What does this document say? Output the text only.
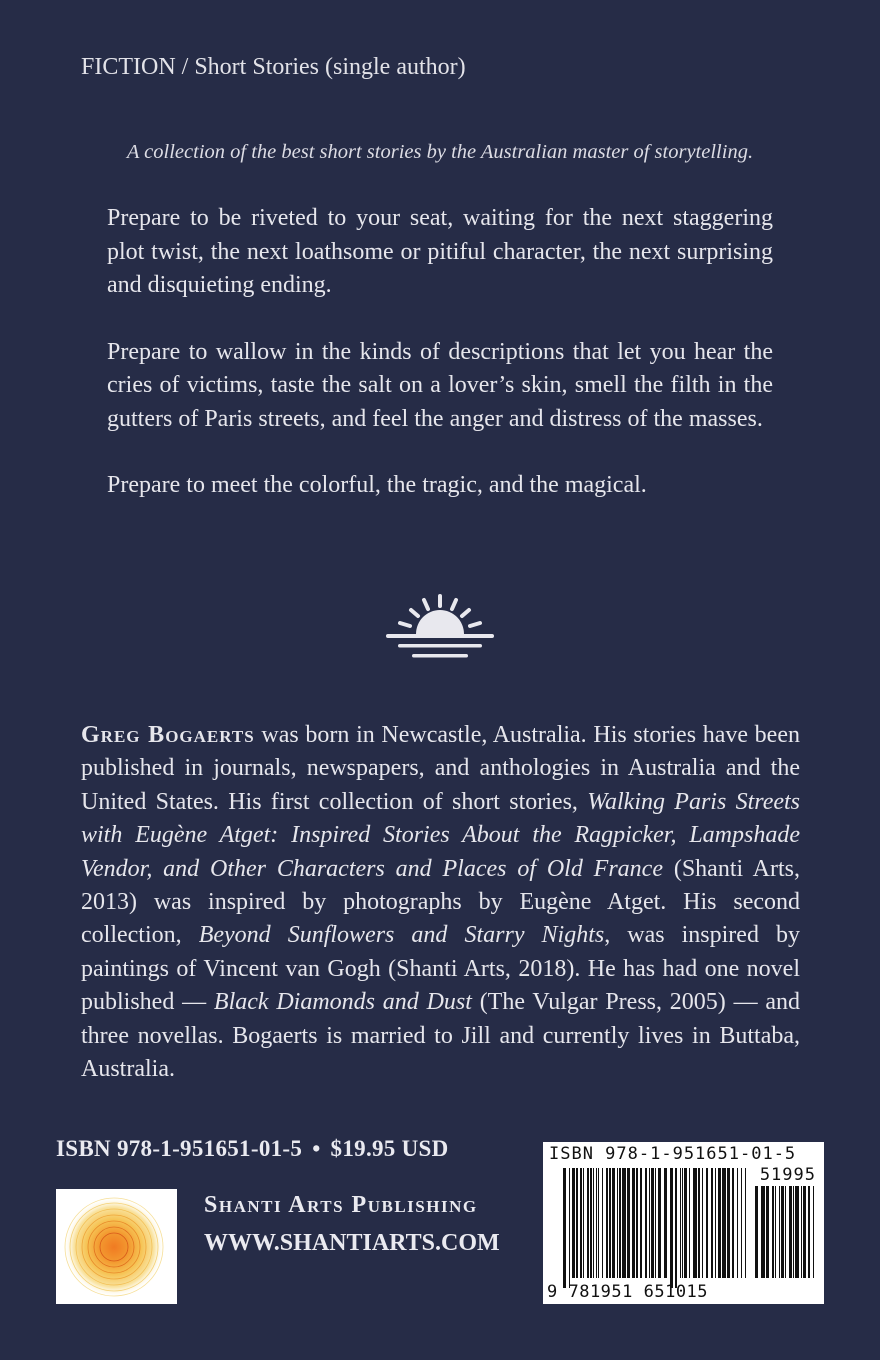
FICTION / Short Stories (single author)
A collection of the best short stories by the Australian master of storytelling.

Prepare to be riveted to your seat, waiting for the next staggering plot twist, the next loathsome or pitiful character, the next surprising and disquieting ending.

Prepare to wallow in the kinds of descriptions that let you hear the cries of victims, taste the salt on a lover’s skin, smell the filth in the gutters of Paris streets, and feel the anger and distress of the masses.

Prepare to meet the colorful, the tragic, and the magical.

Greg Bogaerts was born in Newcastle, Australia. His stories have been published in journals, newspapers, and anthologies in Australia and the United States. His first collection of short stories, Walking Paris Streets with Eugène Atget: Inspired Stories About the Ragpicker, Lampshade Vendor, and Other Characters and Places of Old France (Shanti Arts, 2013) was inspired by photographs by Eugène Atget. His second collection, Beyond Sunflowers and Starry Nights, was inspired by paintings of Vincent van Gogh (Shanti Arts, 2018). He has had one novel published — Black Diamonds and Dust (The Vulgar Press, 2005) — and three novellas. Bogaerts is married to Jill and currently lives in Buttaba, Australia.
ISBN 978-1-951651-01-5 • $19.95 USD
Shanti Arts Publishing
WWW.SHANTIARTS.COM
ISBN 978-1-951651-01-5
51995
9 781951 651015
